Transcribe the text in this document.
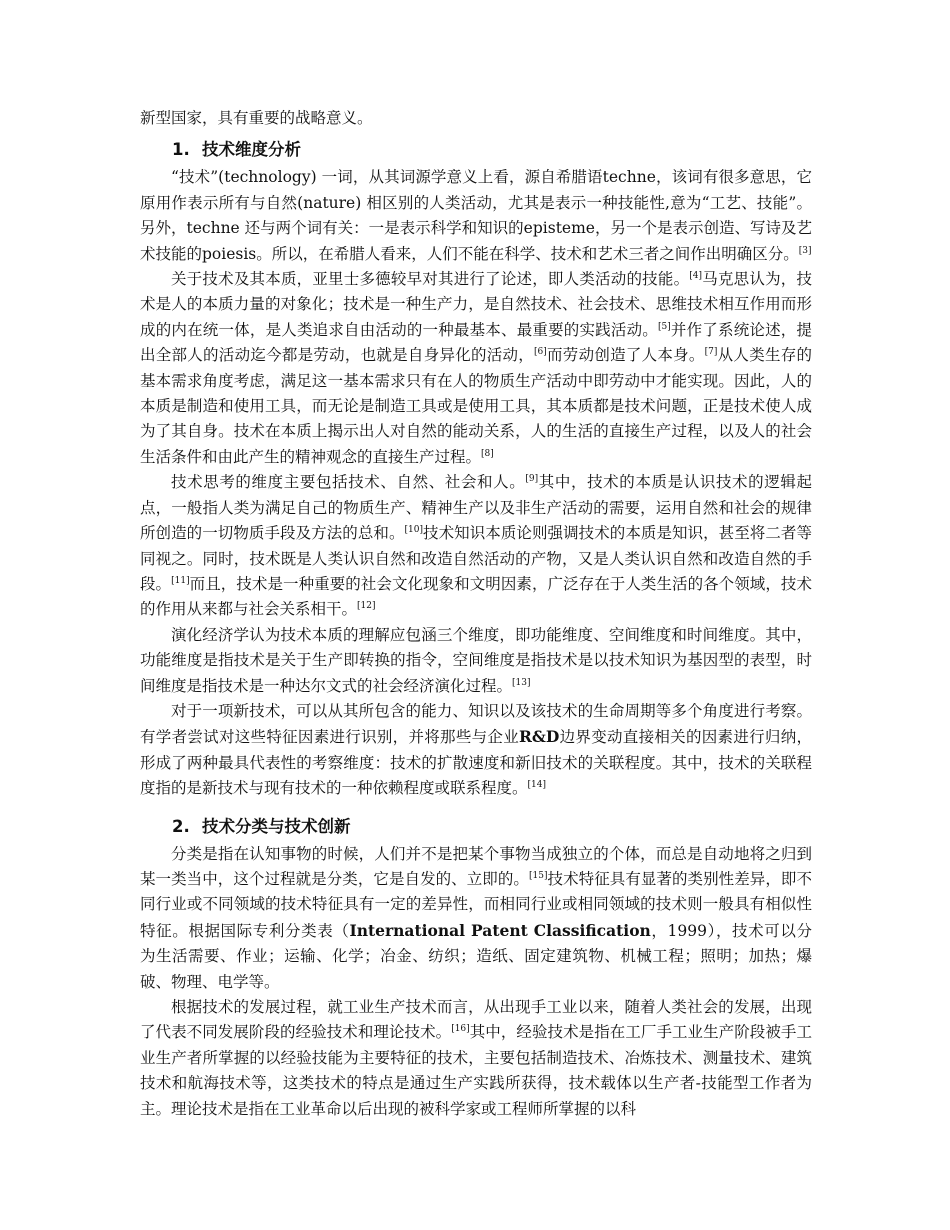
新型国家，具有重要的战略意义。

1. 技术维度分析

“技术”(technology) 一词，从其词源学意义上看，源自希腊语techne，该词有很多意思，它原用作表示所有与自然(nature) 相区别的人类活动，尤其是表示一种技能性,意为“工艺、技能”。另外，techne 还与两个词有关：一是表示科学和知识的episteme，另一个是表示创造、写诗及艺术技能的poiesis。所以，在希腊人看来，人们不能在科学、技术和艺术三者之间作出明确区分。[3]

关于技术及其本质，亚里士多德较早对其进行了论述，即人类活动的技能。[4]马克思认为，技术是人的本质力量的对象化；技术是一种生产力，是自然技术、社会技术、思维技术相互作用而形成的内在统一体，是人类追求自由活动的一种最基本、最重要的实践活动。[5]并作了系统论述，提出全部人的活动迄今都是劳动，也就是自身异化的活动，[6]而劳动创造了人本身。[7]从人类生存的基本需求角度考虑，满足这一基本需求只有在人的物质生产活动中即劳动中才能实现。因此，人的本质是制造和使用工具，而无论是制造工具或是使用工具，其本质都是技术问题，正是技术使人成为了其自身。技术在本质上揭示出人对自然的能动关系，人的生活的直接生产过程，以及人的社会生活条件和由此产生的精神观念的直接生产过程。[8]

技术思考的维度主要包括技术、自然、社会和人。[9]其中，技术的本质是认识技术的逻辑起点，一般指人类为满足自己的物质生产、精神生产以及非生产活动的需要，运用自然和社会的规律所创造的一切物质手段及方法的总和。[10]技术知识本质论则强调技术的本质是知识，甚至将二者等同视之。同时，技术既是人类认识自然和改造自然活动的产物，又是人类认识自然和改造自然的手段。[11]而且，技术是一种重要的社会文化现象和文明因素，广泛存在于人类生活的各个领域，技术的作用从来都与社会关系相干。[12]

演化经济学认为技术本质的理解应包涵三个维度，即功能维度、空间维度和时间维度。其中，功能维度是指技术是关于生产即转换的指令，空间维度是指技术是以技术知识为基因型的表型，时间维度是指技术是一种达尔文式的社会经济演化过程。[13]

对于一项新技术，可以从其所包含的能力、知识以及该技术的生命周期等多个角度进行考察。有学者尝试对这些特征因素进行识别，并将那些与企业R&D边界变动直接相关的因素进行归纳，形成了两种最具代表性的考察维度：技术的扩散速度和新旧技术的关联程度。其中，技术的关联程度指的是新技术与现有技术的一种依赖程度或联系程度。[14]

2. 技术分类与技术创新

分类是指在认知事物的时候，人们并不是把某个事物当成独立的个体，而总是自动地将之归到某一类当中，这个过程就是分类，它是自发的、立即的。[15]技术特征具有显著的类别性差异，即不同行业或不同领域的技术特征具有一定的差异性，而相同行业或相同领域的技术则一般具有相似性特征。根据国际专利分类表（International Patent Classification，1999），技术可以分为生活需要、作业；运输、化学；冶金、纺织；造纸、固定建筑物、机械工程；照明；加热；爆破、物理、电学等。

根据技术的发展过程，就工业生产技术而言，从出现手工业以来，随着人类社会的发展，出现了代表不同发展阶段的经验技术和理论技术。[16]其中，经验技术是指在工厂手工业生产阶段被手工业生产者所掌握的以经验技能为主要特征的技术，主要包括制造技术、冶炼技术、测量技术、建筑技术和航海技术等，这类技术的特点是通过生产实践所获得，技术载体以生产者-技能型工作者为主。理论技术是指在工业革命以后出现的被科学家或工程师所掌握的以科
